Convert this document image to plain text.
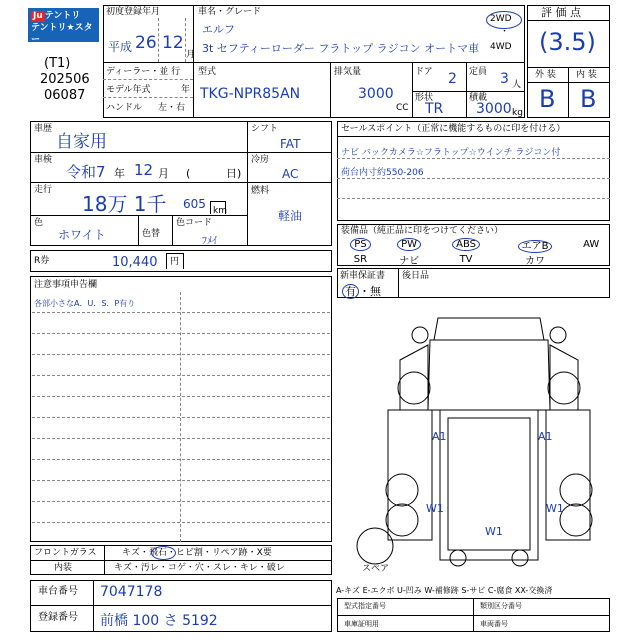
Ju テントリ
テントリ★スター
(T1)
202506
06087
初度登録年月
平成 26 12
月
車名・グレード
エルフ
3t セフティーローダー フラトップ ラジコン オートマ車
2WD
・
4WD
ディーラー・並 行
モデル年式	年
ハンドル 左・右
型式
TKG-NPR85AN
排気量
3000
CC
ドア 2 定員 3 人
形状
TR
積載
3000 kg
評 価 点
(3.5)
外 装 内 装
B B
車歴
自家用
車検
令和7 年 12 月 (	日)
走行
18万 1千 605 km
色
ホワイト	色替
色コード
ﾌﾒｲ
シフト
FAT
冷房
AC
燃料
軽油
R券	10,440 円
セールスポイント（正常に機能するものに印を付ける）
ナビ バックカメラ☆フラトップ☆ウインチ ラジコン付
荷台内寸約550-206
装備品（純正品に印をつけてください）
PS	PW	ABS	エアB	AW
SR	ナビ	TV	カワ	
新車保証書
有 ・無
後日品
注意事項申告欄
各部小さなA．U．S．P有り
A1	A1
W1	W1
W1
スペア
フロントガラス	キズ・飛石・ヒビ割・リペア跡・X要
内装	キズ・汚レ・コゲ・穴・スレ・キレ・破レ
車台番号 7047178
登録番号 前橋 100 さ 5192
A-キズ E-エクボ U-凹み W-補修跡 S-サビ C-腐食 XX-交換済
型式指定番号	類別区分番号
車庫証明用	車両番号
